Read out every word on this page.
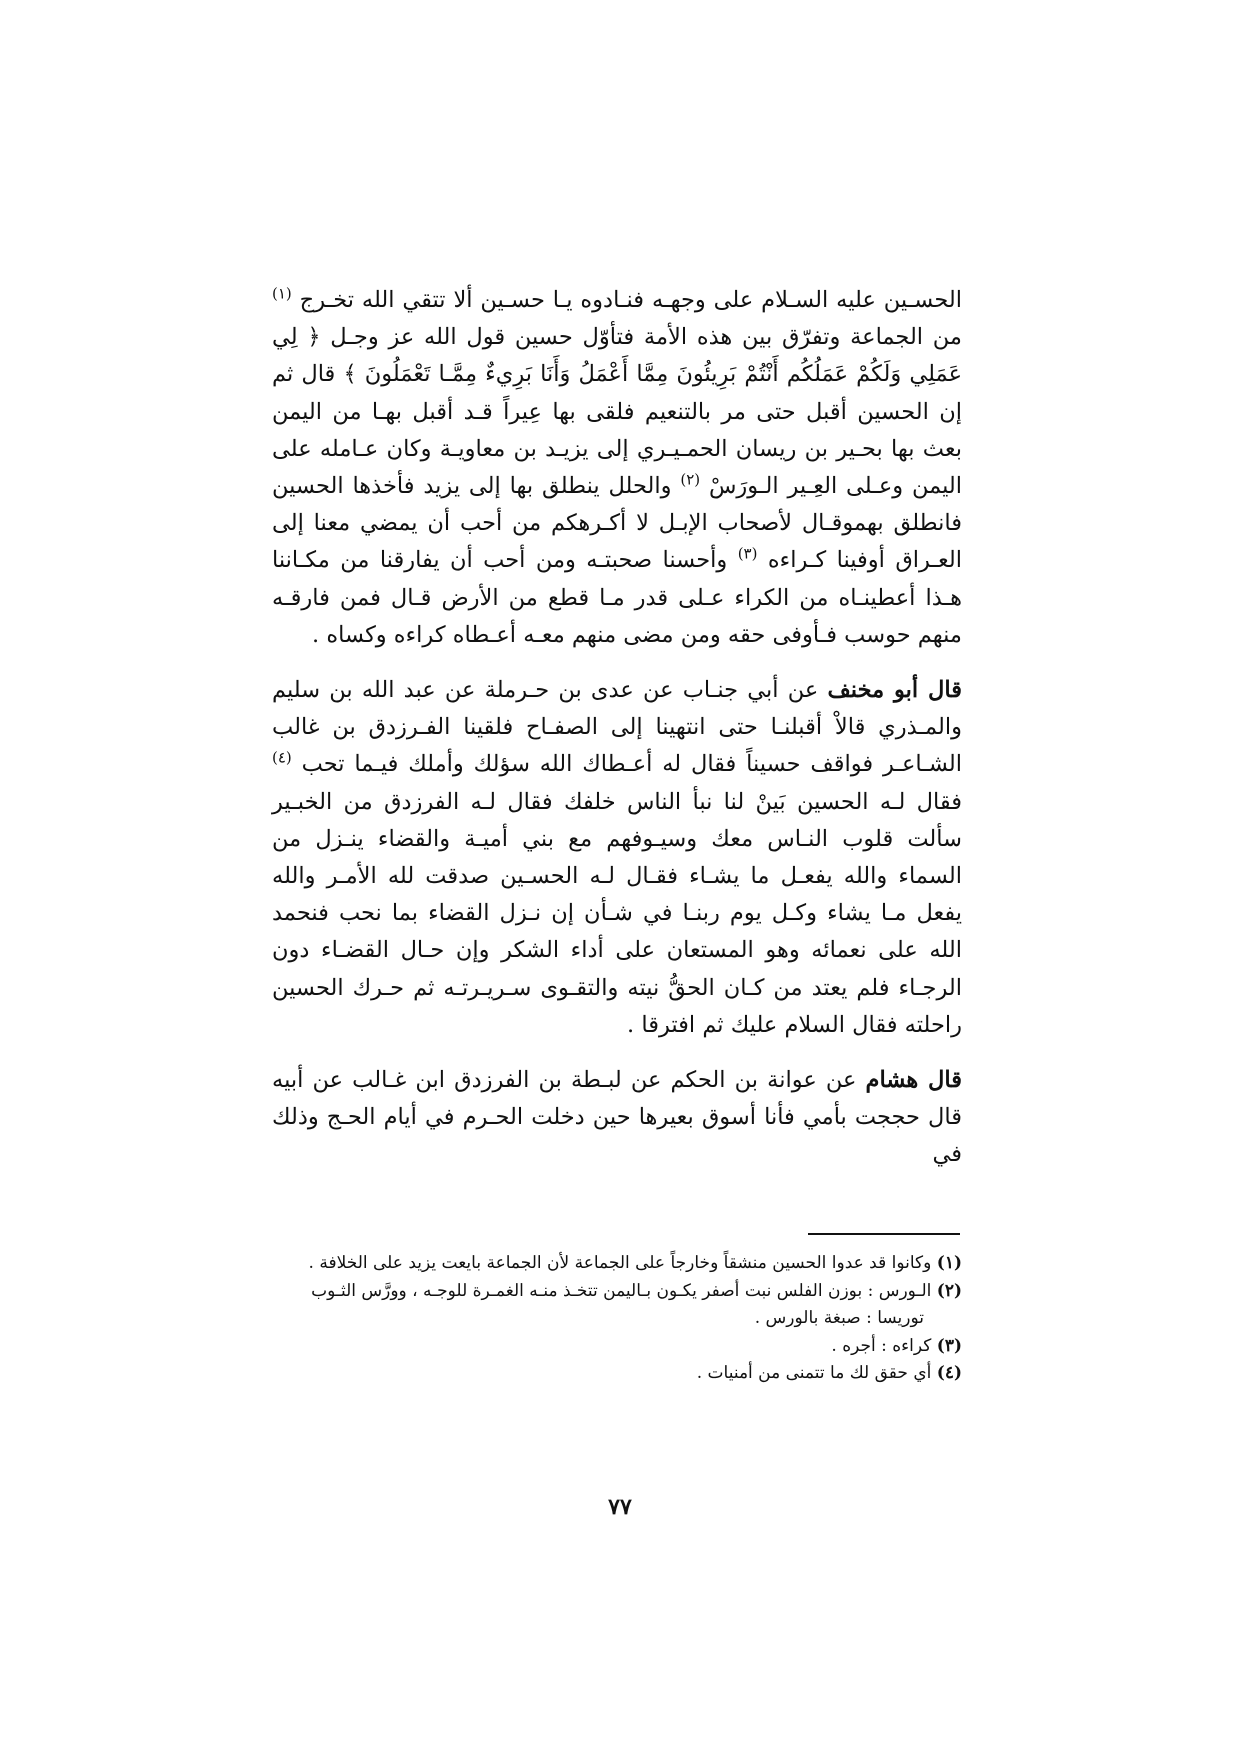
الحسـين عليه السـلام على وجهـه فنـادوه يـا حسـين ألا تتقي الله تخـرج $^{(١)}$ من الجماعة وتفرّق بين هذه الأمة فتأوّل حسين قول الله عز وجـل ﴿ لِي عَمَلِي وَلَكُمْ عَمَلُكُم أَنْتُمْ بَرِيئُونَ مِمَّا أَعْمَلُ وَأَنَا بَرِيءٌ مِمَّـا تَعْمَلُونَ ﴾ قال ثم إن الحسين أقبل حتى مر بالتنعيم فلقى بها عِيراً قـد أقبل بهـا من اليمن بعث بها بحـير بن ريسان الحمـيـري إلى يزيـد بن معاويـة وكان عـامله على اليمن وعـلى العِـير الـورَسْ $^{(٢)}$ والحلل ينطلق بها إلى يزيد فأخذها الحسين فانطلق بهموقـال لأصحاب الإبـل لا أكـرهكم من أحب أن يمضي معنا إلى العـراق أوفينا كـراءه $^{(٣)}$ وأحسنا صحبتـه ومن أحب أن يفارقنا من مكـاننا هـذا أعطينـاه من الكراء عـلى قدر مـا قطع من الأرض قـال فمن فارقـه منهم حوسب فـأوفى حقه ومن مضى منهم معـه أعـطاه كراءه وكساه .

قال أبو مخنف عن أبي جنـاب عن عدى بن حـرملة عن عبد الله بن سليم والمـذري قالاْ أقبلنـا حتى انتهينا إلى الصفـاح فلقينا الفـرزدق بن غالب الشـاعـر فواقف حسيناً فقال له أعـطاك الله سؤلك وأملك فيـما تحب $^{(٤)}$ فقال لـه الحسين بَينْ لنا نبأ الناس خلفك فقال لـه الفرزدق من الخبـير سألت قلوب النـاس معك وسيـوفهم مع بني أميـة والقضاء ينـزل من السماء والله يفعـل ما يشـاء فقـال لـه الحسـين صدقت لله الأمـر والله يفعل مـا يشاء وكـل يوم ربنـا في شـأن إن نـزل القضاء بما نحب فنحمد الله على نعمائه وهو المستعان على أداء الشكر وإن حـال القضـاء دون الرجـاء فلم يعتد من كـان الحقُّ نيته والتقـوى سـريـرتـه ثم حـرك الحسين راحلته فقال السلام عليك ثم افترقا .

قال هشام عن عوانة بن الحكم عن لبـطة بن الفرزدق ابن غـالب عن أبيه قال حججت بأمي فأنا أسوق بعيرها حين دخلت الحـرم في أيام الحـج وذلك في

(١) وكانوا قد عدوا الحسين منشقاً وخارجاً على الجماعة لأن الجماعة بايعت يزيد على الخلافة .

(٢) الـورس : بوزن الفلس نبت أصفر يكـون بـاليمن تتخـذ منـه الغمـرة للوجـه ، وورَّس الثـوب

توريسا : صبغة بالورس .

(٣) كراءه : أجره .

(٤) أي حقق لك ما تتمنى من أمنيات .

٧٧
